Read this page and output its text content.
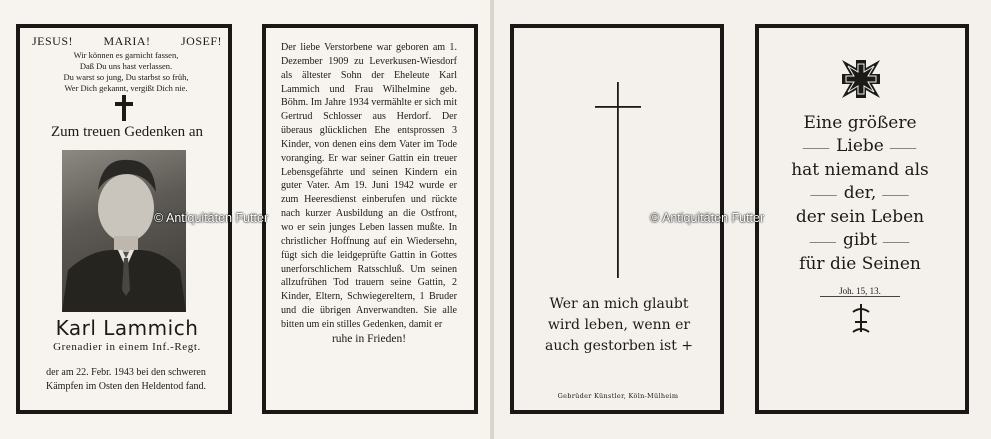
JESUS!	MARIA!	JOSEF!
Wir können es garnicht fassen,
Daß Du uns hast verlassen.
Du warst so jung, Du starbst so früh,
Wer Dich gekannt, vergißt Dich nie.
Zum treuen Gedenken an
Karl Lammich
Grenadier in einem Inf.-Regt.
der am 22. Febr. 1943 bei den schweren
Kämpfen im Osten den Heldentod fand.

Der liebe Verstorbene war geboren am 1. Dezember 1909 zu Leverkusen-Wiesdorf als ältester Sohn der Eheleute Karl Lammich und Frau Wilhelmine geb. Böhm. Im Jahre 1934 vermählte er sich mit Gertrud Schlosser aus Herdorf. Der überaus glücklichen Ehe entsprossen 3 Kinder, von denen eins dem Vater im Tode voranging. Er war seiner Gattin ein treuer Lebensgefährte und seinen Kindern ein guter Vater. Am 19. Juni 1942 wurde er zum Heeresdienst einberufen und rückte nach kurzer Ausbildung an die Ostfront, wo er sein junges Leben lassen mußte. In christlicher Hoffnung auf ein Wiedersehn, fügt sich die leidgeprüfte Gattin in Gottes unerforschlichem Ratsschluß. Um seinen allzufrühen Tod trauern seine Gattin, 2 Kinder, Eltern, Schwiegereltern, 1 Bruder und die übrigen Anverwandten. Sie alle bitten um ein stilles Gedenken, damit er

ruhe in Frieden!

Wer an mich glaubt
wird leben, wenn er
auch gestorben ist +
Gebrüder Künstler, Köln-Mülheim
Eine größere
⸻ Liebe ⸻
hat niemand als
⸻ der, ⸻
der sein Leben
⸻ gibt ⸻
für die Seinen
Joh. 15, 13.
© Antiquitäten Futter	© Antiquitäten Futter
